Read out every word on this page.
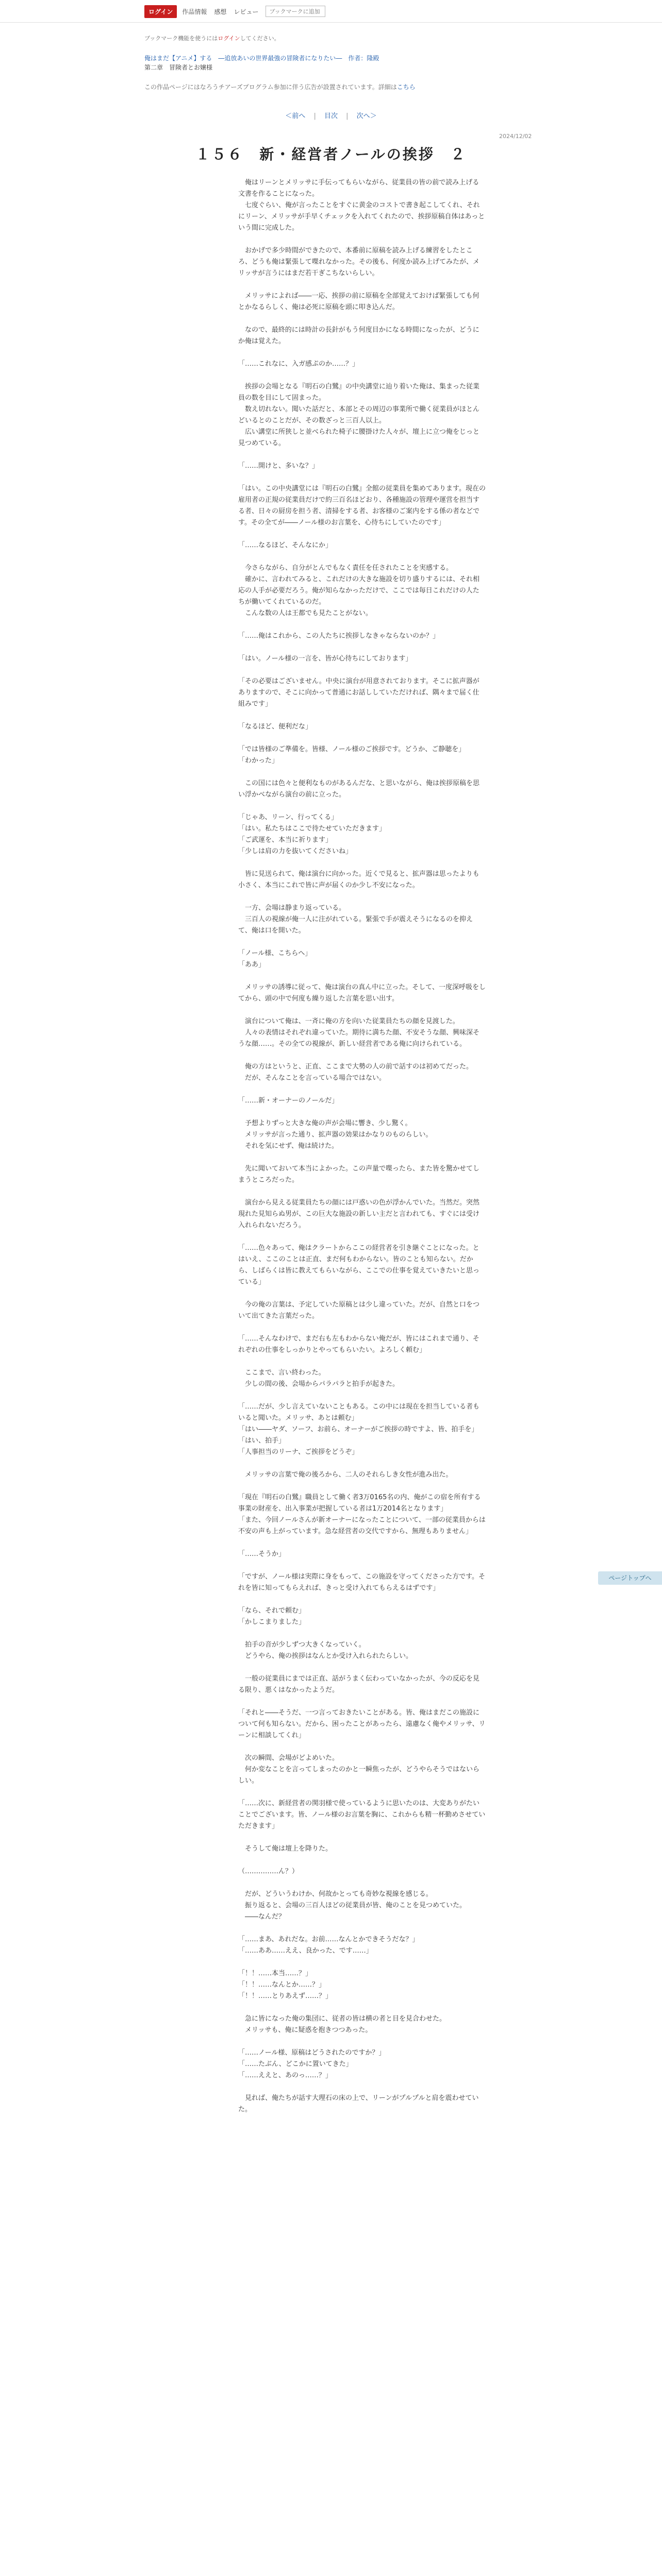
ログイン	作品情報 感想 レビュー
ブックマークに追加
ブックマーク機能を使うにはログインしてください。
俺はまだ【アニメ】する　―追放あいの世界最強の冒険者になりたい―　作者：隆殿
第二章　冒険者とお嬢様
この作品ページにはなろうチアーズプログラム参加に伴う広告が設置されています。詳細はこちら
＜前へ | 目次 | 次へ＞
2024/12/02
１５６　新・経営者ノールの挨拶　２

　俺はリーンとメリッサに手伝ってもらいながら、従業員の皆の前で読み上げる文書を作ることになった。
　七度ぐらい、俺が言ったことをすぐに黄金のコストで書き起こしてくれ、それにリーン、メリッサが手早くチェックを入れてくれたので、挨拶原稿自体はあっという間に完成した。

　おかげで多少時間ができたので、本番前に原稿を読み上げる練習をしたところ、どうも俺は緊張して喋れなかった。その後も、何度か読み上げてみたが、メリッサが言うにはまだ若干ぎこちないらしい。

　メリッサによれば――一応、挨拶の前に原稿を全部覚えておけば緊張しても何とかなるらしく、俺は必死に原稿を頭に叩き込んだ。

　なので、最終的には時計の長針がもう何度目かになる時間になったが、どうにか俺は覚えた。

「……これなに、入ガ感ぷのか……？」

　挨拶の会場となる『明石の白鷺』の中央講堂に辿り着いた俺は、集まった従業員の数を目にして固まった。
　数え切れない。聞いた話だと、本部とその周辺の事業所で働く従業員がほとんどいるとのことだが、その数ざっと三百人以上。
　広い講堂に所狭しと並べられた椅子に腰掛けた人々が、壇上に立つ俺をじっと見つめている。

「……開けと、多いな？」

「はい。この中央講堂には『明石の白鷺』全館の従業員を集めてあります。現在の雇用者の正規の従業員だけで約三百名ほどおり、各種施設の管理や運営を担当する者、日々の厨房を担う者、清掃をする者、お客様のご案内をする係の者などです。その全てが――ノール様のお言葉を、心待ちにしていたのです」

「……なるほど、そんなにか」

　今さらながら、自分がとんでもなく責任を任されたことを実感する。
　確かに、言われてみると、これだけの大きな施設を切り盛りするには、それ相応の人手が必要だろう。俺が知らなかっただけで、ここでは毎日これだけの人たちが働いてくれているのだ。
　こんな数の人は王都でも見たことがない。

「……俺はこれから、この人たちに挨拶しなきゃならないのか？」

「はい。ノール様の一言を、皆が心待ちにしております」

「その必要はございません。中央に演台が用意されております。そこに拡声器がありますので、そこに向かって普通にお話ししていただければ、隅々まで届く仕組みです」

「なるほど、便利だな」

「では皆様のご準備を。皆様、ノール様のご挨拶です。どうか、ご静聴を」
「わかった」

　この国には色々と便利なものがあるんだな、と思いながら、俺は挨拶原稿を思い浮かべながら演台の前に立った。

「じゃあ、リーン、行ってくる」
「はい。私たちはここで待たせていただきます」
「ご武運を、本当に祈ります」
「少しは肩の力を抜いてくださいね」

　皆に見送られて、俺は演台に向かった。近くで見ると、拡声器は思ったよりも小さく、本当にこれで皆に声が届くのか少し不安になった。

　一方、会場は静まり返っている。
　三百人の視線が俺一人に注がれている。緊張で手が震えそうになるのを抑えて、俺は口を開いた。

「ノール様、こちらへ」
「ああ」

　メリッサの誘導に従って、俺は演台の真ん中に立った。そして、一度深呼吸をしてから、頭の中で何度も繰り返した言葉を思い出す。

　演台について俺は、一斉に俺の方を向いた従業員たちの顔を見渡した。
　人々の表情はそれぞれ違っていた。期待に満ちた顔、不安そうな顔、興味深そうな顔……。その全ての視線が、新しい経営者である俺に向けられている。

　俺の方はというと、正直、ここまで大勢の人の前で話すのは初めてだった。
　だが、そんなことを言っている場合ではない。

「……新・オーナーのノールだ」

　予想よりずっと大きな俺の声が会場に響き、少し驚く。
　メリッサが言った通り、拡声器の効果はかなりのものらしい。
　それを気にせず、俺は続けた。

　先に聞いておいて本当によかった。この声量で喋ったら、また皆を驚かせてしまうところだった。

　演台から見える従業員たちの顔には戸惑いの色が浮かんでいた。当然だ。突然現れた見知らぬ男が、この巨大な施設の新しい主だと言われても、すぐには受け入れられないだろう。

「……色々あって、俺はクラートからここの経営者を引き継ぐことになった。とはいえ、ここのことは正直、まだ何もわからない。皆のことも知らない。だから、しばらくは皆に教えてもらいながら、ここでの仕事を覚えていきたいと思っている」

　今の俺の言葉は、予定していた原稿とは少し違っていた。だが、自然と口をついて出てきた言葉だった。

「……そんなわけで、まだ右も左もわからない俺だが、皆にはこれまで通り、それぞれの仕事をしっかりとやってもらいたい。よろしく頼む」

　ここまで、言い終わった。
　少しの間の後、会場からパラパラと拍手が起きた。

「……だが、少し言えていないこともある。この中には現在を担当している者もいると聞いた。メリッサ、あとは頼む」
「はい――ヤダ、ソーフ、お前ら、オーナーがご挨拶の時ですよ、皆、拍手を」
「はい、拍手」
「人事担当のリーナ、ご挨拶をどうぞ」

　メリッサの言葉で俺の後ろから、二人のそれらしき女性が進み出た。

「現在『明石の白鷺』職員として働く者3万0165名の内、俺がこの宿を所有する事業の財産を、出入事業が把握している者は1万2014名となります」
「また、今回ノールさんが新オーナーになったことについて、一部の従業員からは不安の声も上がっています。急な経営者の交代ですから、無理もありません」

「……そうか」

「ですが、ノール様は実際に身をもって、この施設を守ってくださった方です。それを皆に知ってもらえれば、きっと受け入れてもらえるはずです」

「なら、それで頼む」
「かしこまりました」

　拍手の音が少しずつ大きくなっていく。
　どうやら、俺の挨拶はなんとか受け入れられたらしい。

　一般の従業員にまでは正直、話がうまく伝わっていなかったが、今の反応を見る限り、悪くはなかったようだ。

「それと――そうだ、一つ言っておきたいことがある。皆、俺はまだこの施設について何も知らない。だから、困ったことがあったら、遠慮なく俺やメリッサ、リーンに相談してくれ」

　次の瞬間、会場がどよめいた。
　何か変なことを言ってしまったのかと一瞬焦ったが、どうやらそうではないらしい。

「……次に、新経営者の関羽様で使っているように思いたのは、大変ありがたいことでございます。皆、ノール様のお言葉を胸に、これからも精一杯勤めさせていただきます」

　そうして俺は壇上を降りた。

（……………ん？）

　だが、どういうわけか、何故かとっても奇妙な視線を感じる。
　振り返ると、会場の三百人ほどの従業員が皆、俺のことを見つめていた。
　――なんだ？

「……まあ、あれだな。お前……なんとかできそうだな？」
「……ああ……ええ、良かった、です……」

「！！……本当……？」
「！！……なんとか……？」
「！！……とりあえず……？」

　急に皆になった俺の集団に、従者の皆は横の者と目を見合わせた。
　メリッサも、俺に疑惑を抱きつつあった。

「……ノール様、原稿はどうされたのですか？」
「……たぶん、どこかに置いてきた」
「……ええと、あのっ……？」

　見れば、俺たちが話す大理石の床の上で、リーンがプルプルと肩を震わせていた。

ページトップへ
